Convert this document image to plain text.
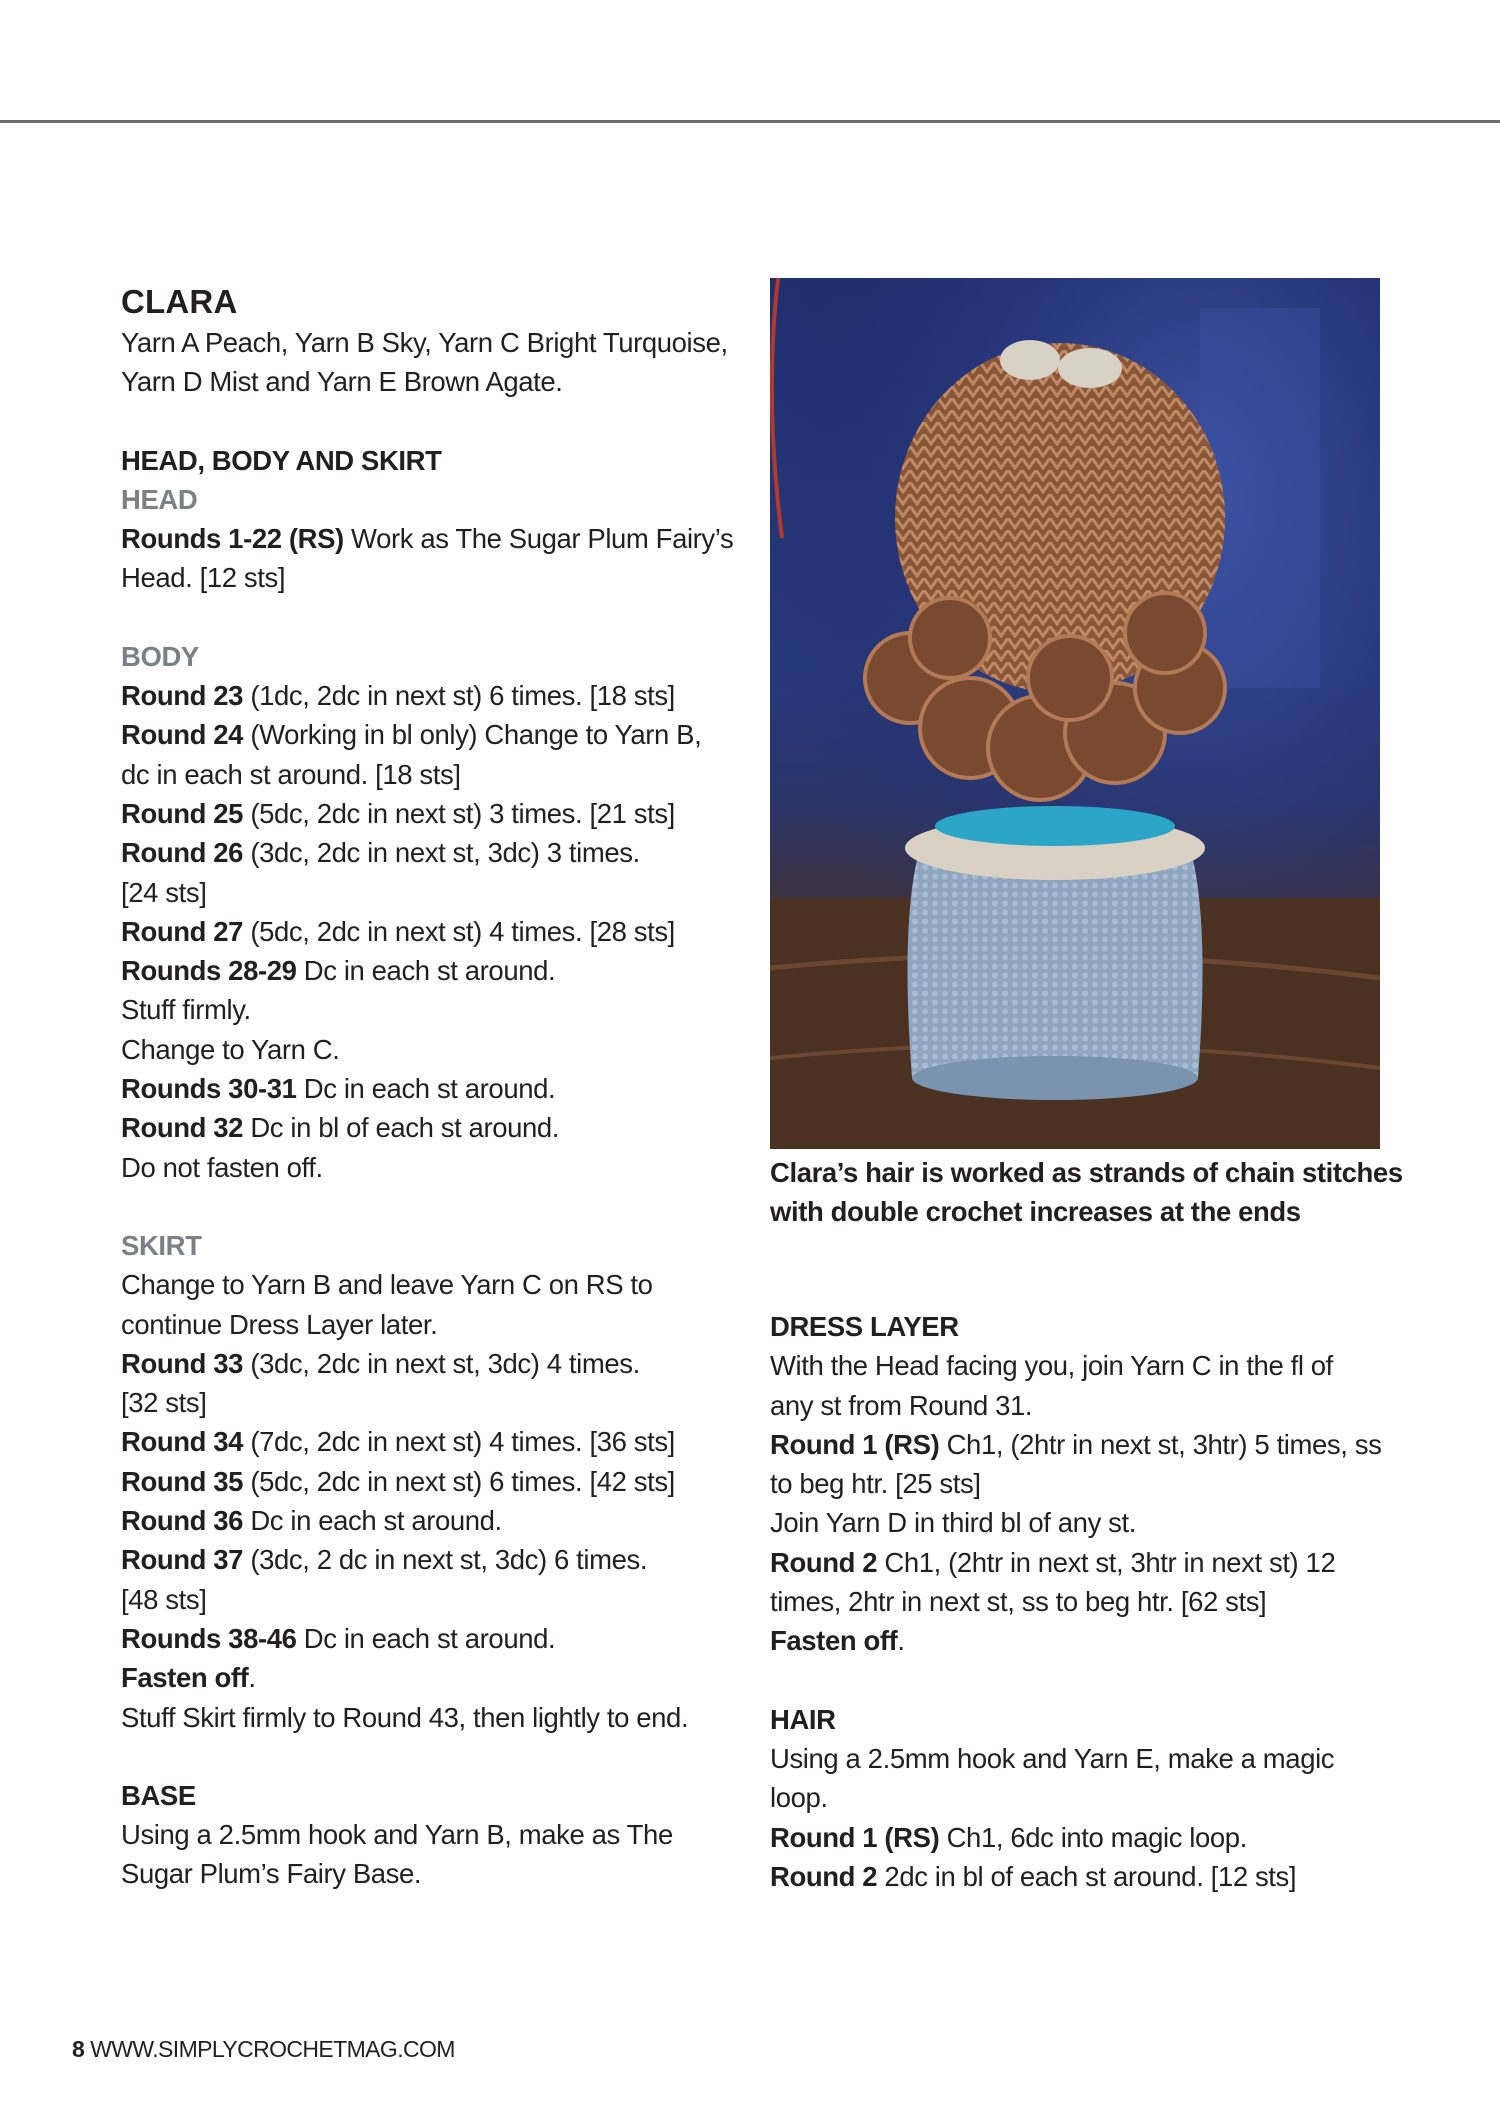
CLARA

Yarn A Peach, Yarn B Sky, Yarn C Bright Turquoise,

Yarn D Mist and Yarn E Brown Agate.

HEAD, BODY AND SKIRT

HEAD

Rounds 1-22 (RS) Work as The Sugar Plum Fairy’s

Head. [12 sts]

BODY

Round 23 (1dc, 2dc in next st) 6 times. [18 sts]

Round 24 (Working in bl only) Change to Yarn B,

dc in each st around. [18 sts]

Round 25 (5dc, 2dc in next st) 3 times. [21 sts]

Round 26 (3dc, 2dc in next st, 3dc) 3 times.

[24 sts]

Round 27 (5dc, 2dc in next st) 4 times. [28 sts]

Rounds 28-29 Dc in each st around.

Stuff firmly.

Change to Yarn C.

Rounds 30-31 Dc in each st around.

Round 32 Dc in bl of each st around.

Do not fasten off.

SKIRT

Change to Yarn B and leave Yarn C on RS to

continue Dress Layer later.

Round 33 (3dc, 2dc in next st, 3dc) 4 times.

[32 sts]

Round 34 (7dc, 2dc in next st) 4 times. [36 sts]

Round 35 (5dc, 2dc in next st) 6 times. [42 sts]

Round 36 Dc in each st around.

Round 37 (3dc, 2 dc in next st, 3dc) 6 times.

[48 sts]

Rounds 38-46 Dc in each st around.

Fasten off.

Stuff Skirt firmly to Round 43, then lightly to end.

BASE

Using a 2.5mm hook and Yarn B, make as The

Sugar Plum’s Fairy Base.

Clara’s hair is worked as strands of chain stitches
with double crochet increases at the ends

DRESS LAYER

With the Head facing you, join Yarn C in the fl of

any st from Round 31.

Round 1 (RS) Ch1, (2htr in next st, 3htr) 5 times, ss

to beg htr. [25 sts]

Join Yarn D in third bl of any st.

Round 2 Ch1, (2htr in next st, 3htr in next st) 12

times, 2htr in next st, ss to beg htr. [62 sts]

Fasten off.

HAIR

Using a 2.5mm hook and Yarn E, make a magic

loop.

Round 1 (RS) Ch1, 6dc into magic loop.

Round 2 2dc in bl of each st around. [12 sts]

8 WWW.SIMPLYCROCHETMAG.COM
